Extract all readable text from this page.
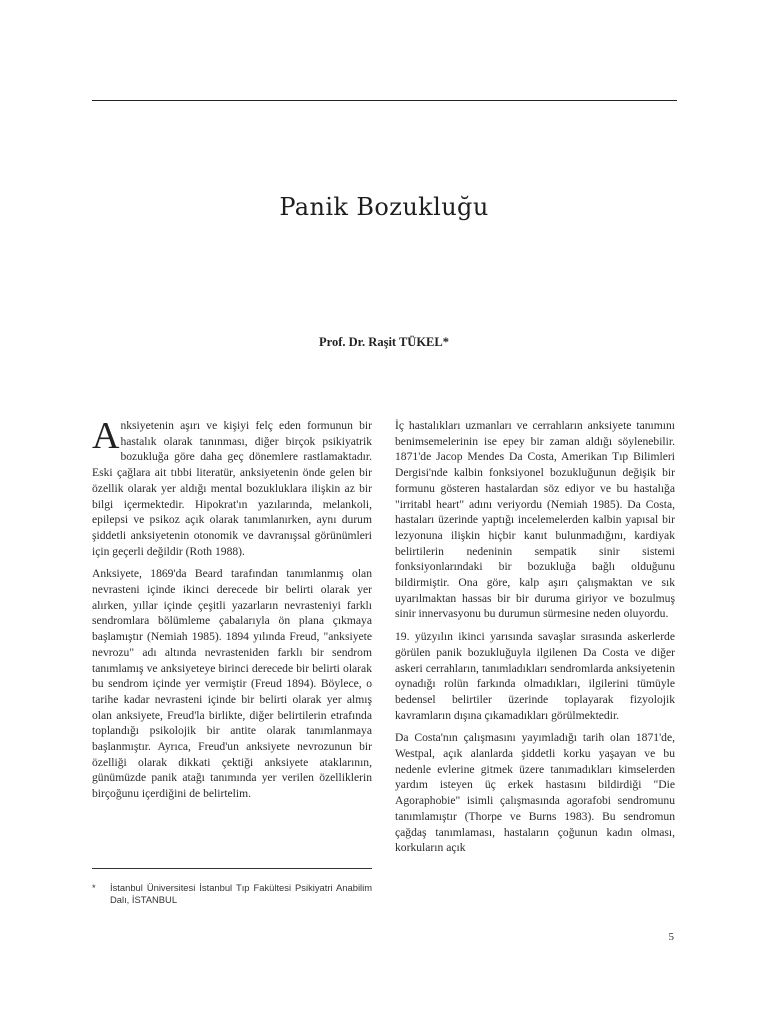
Panik Bozukluğu
Prof. Dr. Raşit TÜKEL*

Anksiyetenin aşırı ve kişiyi felç eden formunun bir hastalık olarak tanınması, diğer birçok psikiyatrik bozukluğa göre daha geç dönemlere rastlamaktadır. Eski çağlara ait tıbbi literatür, anksiyetenin önde gelen bir özellik olarak yer aldığı mental bozukluklara ilişkin az bir bilgi içermektedir. Hipokrat'ın yazılarında, melankoli, epilepsi ve psikoz açık olarak tanımlanırken, aynı durum şiddetli anksiyetenin otonomik ve davranışsal görünümleri için geçerli değildir (Roth 1988).

Anksiyete, 1869'da Beard tarafından tanımlanmış olan nevrasteni içinde ikinci derecede bir belirti olarak yer alırken, yıllar içinde çeşitli yazarların nevrasteniyi farklı sendromlara bölümleme çabalarıyla ön plana çıkmaya başlamıştır (Nemiah 1985). 1894 yılında Freud, "anksiyete nevrozu" adı altında nevrasteniden farklı bir sendrom tanımlamış ve anksiyeteye birinci derecede bir belirti olarak bu sendrom içinde yer vermiştir (Freud 1894). Böylece, o tarihe kadar nevrasteni içinde bir belirti olarak yer almış olan anksiyete, Freud'la birlikte, diğer belirtilerin etrafında toplandığı psikolojik bir antite olarak tanımlanmaya başlanmıştır. Ayrıca, Freud'un anksiyete nevrozunun bir özelliği olarak dikkati çektiği anksiyete ataklarının, günümüzde panik atağı tanımında yer verilen özelliklerin birçoğunu içerdiğini de belirtelim.

İç hastalıkları uzmanları ve cerrahların anksiyete tanımını benimsemelerinin ise epey bir zaman aldığı söylenebilir. 1871'de Jacop Mendes Da Costa, Amerikan Tıp Bilimleri Dergisi'nde kalbin fonksiyonel bozukluğunun değişik bir formunu gösteren hastalardan söz ediyor ve bu hastalığa "irritabl heart" adını veriyordu (Nemiah 1985). Da Costa, hastaları üzerinde yaptığı incelemelerden kalbin yapısal bir lezyonuna ilişkin hiçbir kanıt bulunmadığını, kardiyak belirtilerin nedeninin sempatik sinir sistemi fonksiyonlarındaki bir bozukluğa bağlı olduğunu bildirmiştir. Ona göre, kalp aşırı çalışmaktan ve sık uyarılmaktan hassas bir bir duruma giriyor ve bozulmuş sinir innervasyonu bu durumun sürmesine neden oluyordu.

19. yüzyılın ikinci yarısında savaşlar sırasında askerlerde görülen panik bozukluğuyla ilgilenen Da Costa ve diğer askeri cerrahların, tanımladıkları sendromlarda anksiyetenin oynadığı rolün farkında olmadıkları, ilgilerini tümüyle bedensel belirtiler üzerinde toplayarak fizyolojik kavramların dışına çıkamadıkları görülmektedir.

Da Costa'nın çalışmasını yayımladığı tarih olan 1871'de, Westpal, açık alanlarda şiddetli korku yaşayan ve bu nedenle evlerine gitmek üzere tanımadıkları kimselerden yardım isteyen üç erkek hastasını bildirdiği "Die Agoraphobie" isimli çalışmasında agorafobi sendromunu tanımlamıştır (Thorpe ve Burns 1983). Bu sendromun çağdaş tanımlaması, hastaların çoğunun kadın olması, korkuların açık

* İstanbul Üniversitesi İstanbul Tıp Fakültesi Psikiyatri Anabilim Dalı, İSTANBUL
5
